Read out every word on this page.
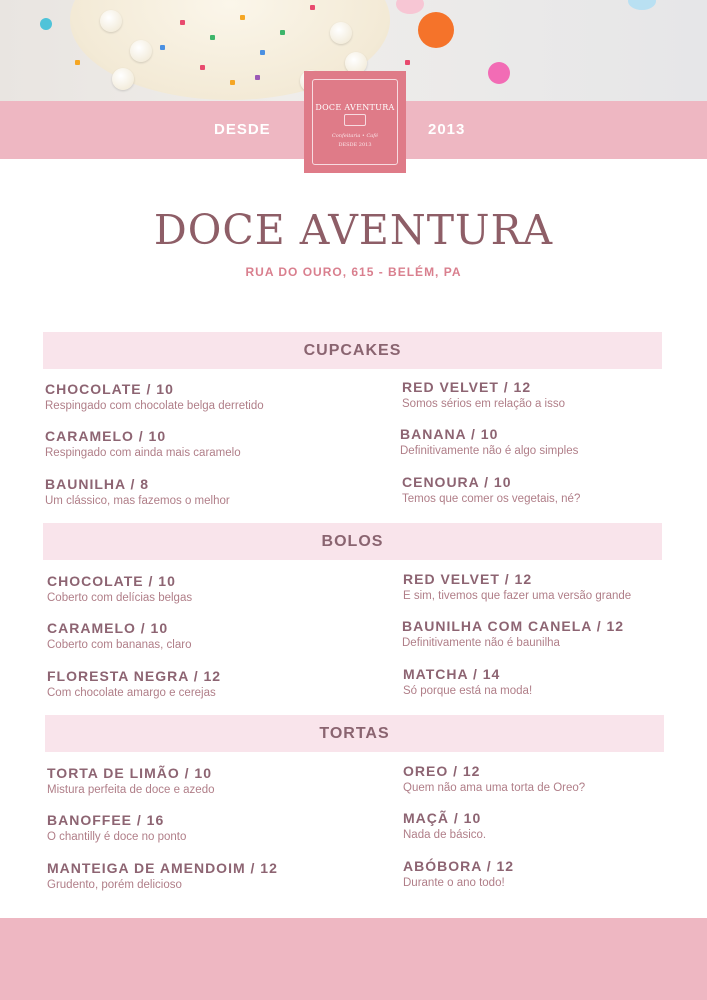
DESDE	2013
DOCE AVENTURA
Confeitaria • Café
DESDE 2013
DOCE AVENTURA
RUA DO OURO, 615 - BELÉM, PA
CUPCAKES
CHOCOLATE / 10
Respingado com chocolate belga derretido
RED VELVET / 12
Somos sérios em relação a isso
CARAMELO / 10
Respingado com ainda mais caramelo
BANANA / 10
Definitivamente não é algo simples
BAUNILHA / 8
Um clássico, mas fazemos o melhor
CENOURA / 10
Temos que comer os vegetais, né?
BOLOS
CHOCOLATE / 10
Coberto com delícias belgas
RED VELVET / 12
E sim, tivemos que fazer uma versão grande
CARAMELO / 10
Coberto com bananas, claro
BAUNILHA COM CANELA / 12
Definitivamente não é baunilha
FLORESTA NEGRA / 12
Com chocolate amargo e cerejas
MATCHA / 14
Só porque está na moda!
TORTAS
TORTA DE LIMÃO / 10
Mistura perfeita de doce e azedo
OREO / 12
Quem não ama uma torta de Oreo?
BANOFFEE / 16
O chantilly é doce no ponto
MAÇÃ / 10
Nada de básico.
MANTEIGA DE AMENDOIM / 12
Grudento, porém delicioso
ABÓBORA / 12
Durante o ano todo!
